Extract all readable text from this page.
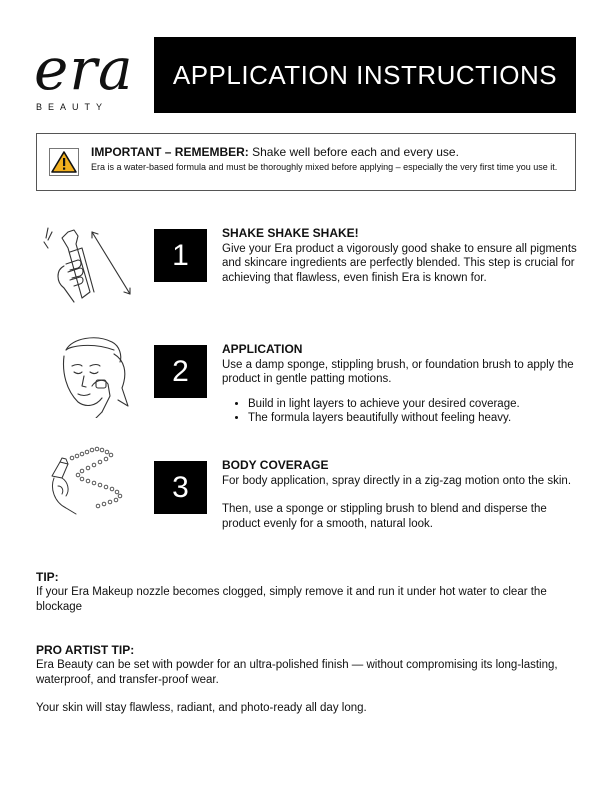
era
BEAUTY
APPLICATION INSTRUCTIONS
IMPORTANT – REMEMBER: Shake well before each and every use.
Era is a water-based formula and must be thoroughly mixed before applying – especially the very first time you use it.
1
SHAKE SHAKE SHAKE!

Give your Era product a vigorously good shake to ensure all pigments and skincare ingredients are perfectly blended. This step is crucial for achieving that flawless, even finish Era is known for.

2
APPLICATION

Use a damp sponge, stippling brush, or foundation brush to apply the product in gentle patting motions.

• Build in light layers to achieve your desired coverage.
• The formula layers beautifully without feeling heavy.
3
BODY COVERAGE

For body application, spray directly in a zig-zag motion onto the skin.

Then, use a sponge or stippling brush to blend and disperse the product evenly for a smooth, natural look.

TIP:

If your Era Makeup nozzle becomes clogged, simply remove it and run it under hot water to clear the blockage

PRO ARTIST TIP:

Era Beauty can be set with powder for an ultra-polished finish — without compromising its long-lasting, waterproof, and transfer-proof wear.

Your skin will stay flawless, radiant, and photo-ready all day long.
